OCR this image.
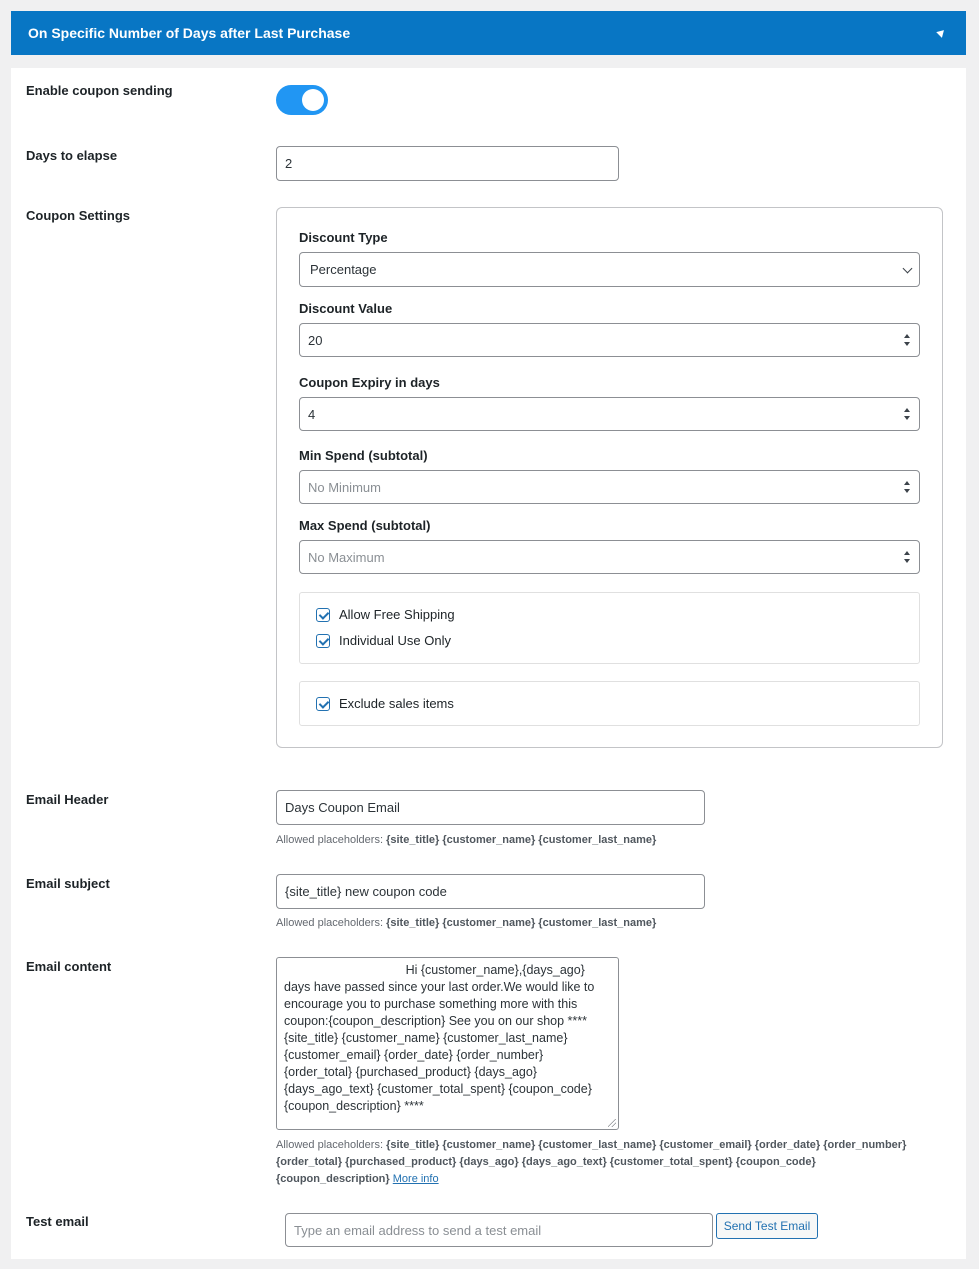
On Specific Number of Days after Last Purchase
Enable coupon sending
Days to elapse
2
Coupon Settings
Discount Type
Percentage
Discount Value
20
Coupon Expiry in days
4
Min Spend (subtotal)
No Minimum
Max Spend (subtotal)
No Maximum
Allow Free Shipping
Individual Use Only
Exclude sales items
Email Header
Days Coupon Email
Allowed placeholders: {site_title} {customer_name} {customer_last_name}
Email subject
{site_title} new coupon code
Allowed placeholders: {site_title} {customer_name} {customer_last_name}
Email content	Hi {customer_name},{days_ago}
days have passed since your last order.We would like to encourage you to purchase something more with this coupon:{coupon_description} See you on our shop **** {site_title} {customer_name} {customer_last_name} {customer_email} {order_date} {order_number} {order_total} {purchased_product} {days_ago} {days_ago_text} {customer_total_spent} {coupon_code} {coupon_description} ****
Allowed placeholders: {site_title} {customer_name} {customer_last_name} {customer_email} {order_date} {order_number}
{order_total} {purchased_product} {days_ago} {days_ago_text} {customer_total_spent} {coupon_code}
{coupon_description} More info
Test email
Type an email address to send a test email	Send Test Email
